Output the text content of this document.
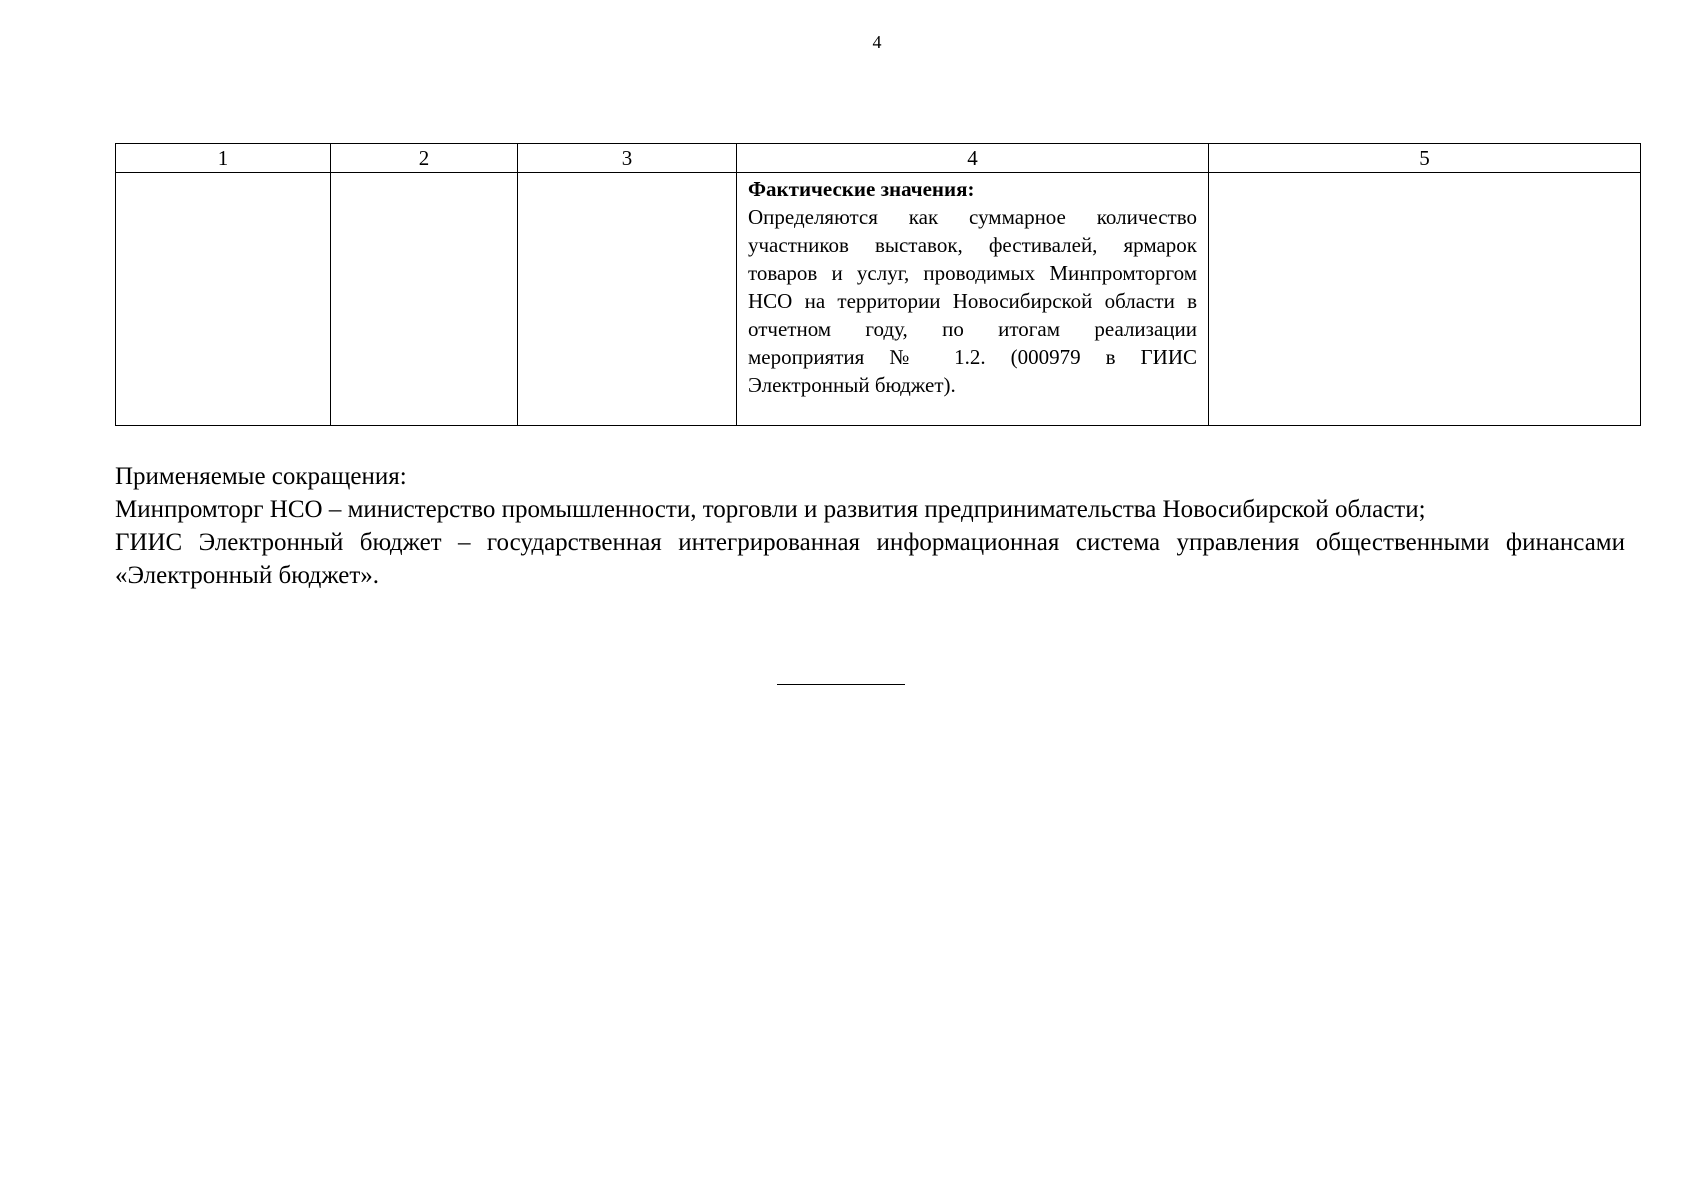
4
1	2	3	4	5

			Фактические значения:
Определяются как суммарное количество участников выставок, фестивалей, ярмарок товаров и услуг, проводимых Минпромторгом НСО на территории Новосибирской области в отчетном году, по итогам реализации мероприятия № 1.2. (000979 в ГИИС Электронный бюджет).	

Применяемые сокращения:

Минпромторг НСО – министерство промышленности, торговли и развития предпринимательства Новосибирской области;

ГИИС Электронный бюджет – государственная интегрированная информационная система управления общественными финансами «Электронный бюджет».
